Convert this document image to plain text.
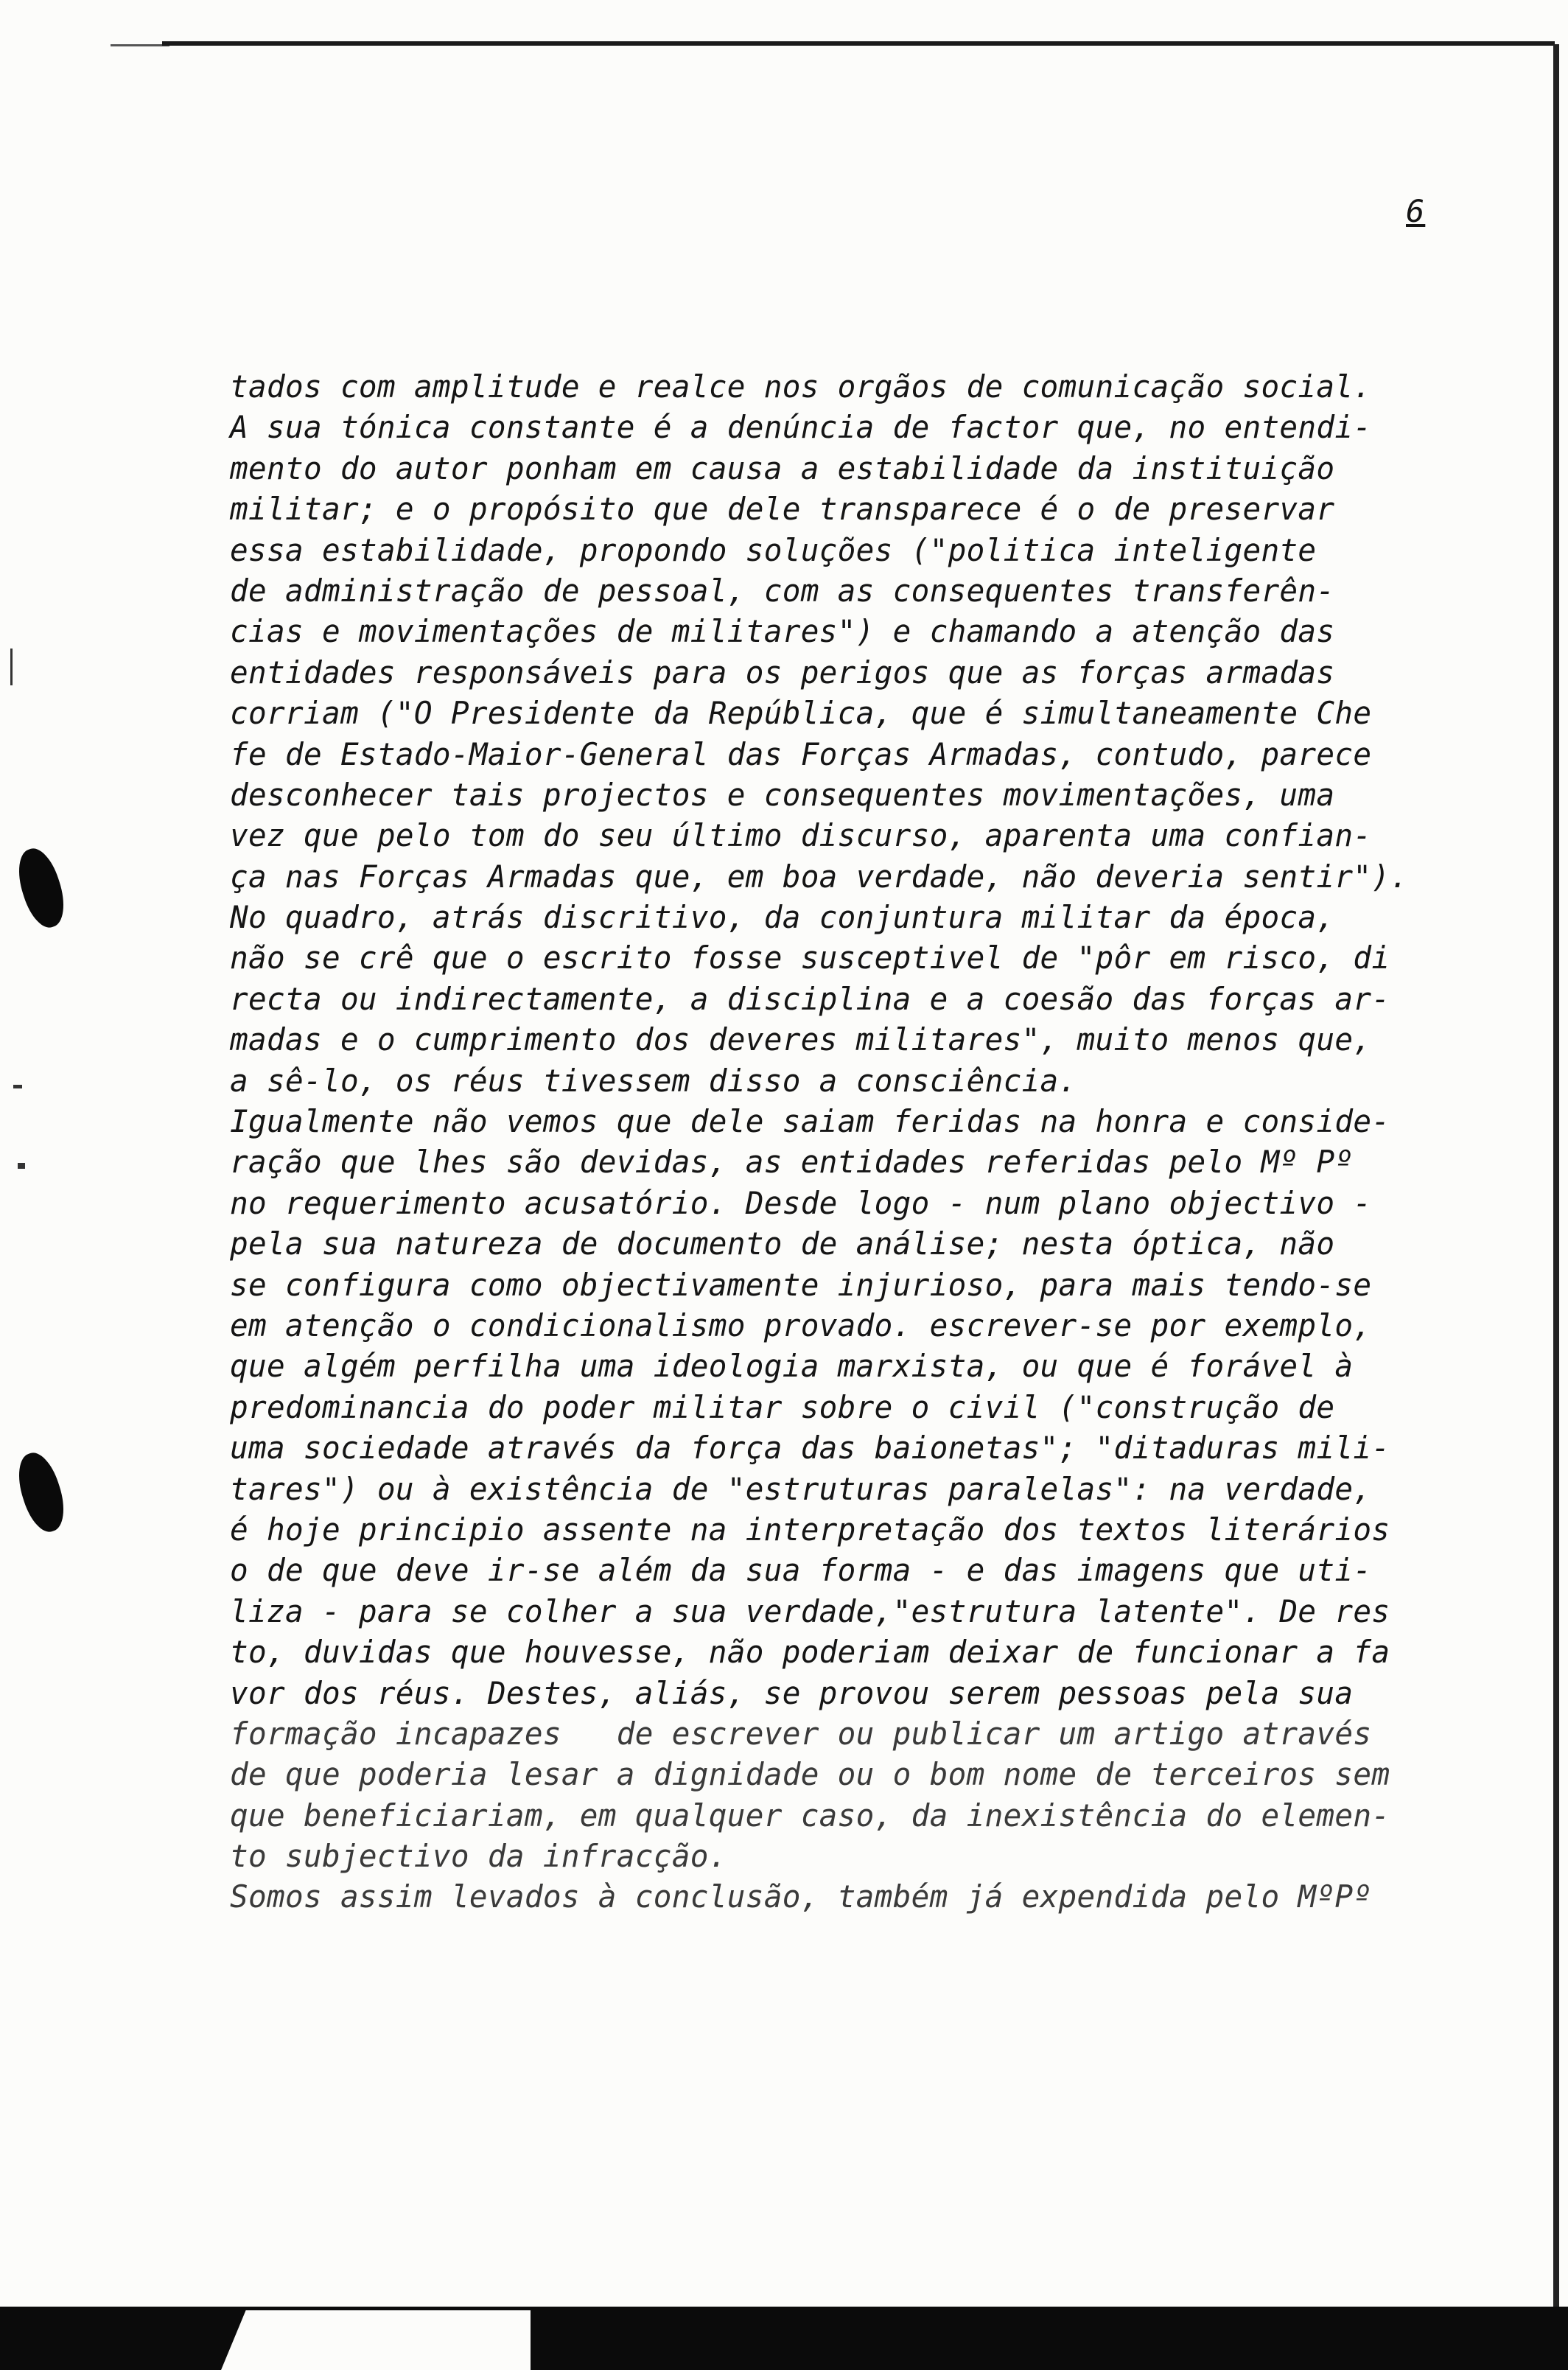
6
tados com amplitude e realce nos orgãos de comunicação social.
A sua tónica constante é a denúncia de factor que, no entendi-
mento do autor ponham em causa a estabilidade da instituição
militar; e o propósito que dele transparece é o de preservar
essa estabilidade, propondo soluções ("politica inteligente
de administração de pessoal, com as consequentes transferên-
cias e movimentações de militares") e chamando a atenção das
entidades responsáveis para os perigos que as forças armadas
corriam ("O Presidente da República, que é simultaneamente Che
fe de Estado-Maior-General das Forças Armadas, contudo, parece
desconhecer tais projectos e consequentes movimentações, uma
vez que pelo tom do seu último discurso, aparenta uma confian-
ça nas Forças Armadas que, em boa verdade, não deveria sentir").
No quadro, atrás discritivo, da conjuntura militar da época,
não se crê que o escrito fosse susceptivel de "pôr em risco, di
recta ou indirectamente, a disciplina e a coesão das forças ar-
madas e o cumprimento dos deveres militares", muito menos que,
a sê-lo, os réus tivessem disso a consciência.
Igualmente não vemos que dele saiam feridas na honra e conside-
ração que lhes são devidas, as entidades referidas pelo Mº Pº
no requerimento acusatório. Desde logo - num plano objectivo -
pela sua natureza de documento de análise; nesta óptica, não
se configura como objectivamente injurioso, para mais tendo-se
em atenção o condicionalismo provado. escrever-se por exemplo,
que algém perfilha uma ideologia marxista, ou que é forável à
predominancia do poder militar sobre o civil ("construção de
uma sociedade através da força das baionetas"; "ditaduras mili-
tares") ou à existência de "estruturas paralelas": na verdade,
é hoje principio assente na interpretação dos textos literários
o de que deve ir-se além da sua forma - e das imagens que uti-
liza - para se colher a sua verdade,"estrutura latente". De res
to, duvidas que houvesse, não poderiam deixar de funcionar a fa
vor dos réus. Destes, aliás, se provou serem pessoas pela sua
formação incapazes   de escrever ou publicar um artigo através
de que poderia lesar a dignidade ou o bom nome de terceiros sem
que beneficiariam, em qualquer caso, da inexistência do elemen-
to subjectivo da infracção.
Somos assim levados à conclusão, também já expendida pelo MºPº
